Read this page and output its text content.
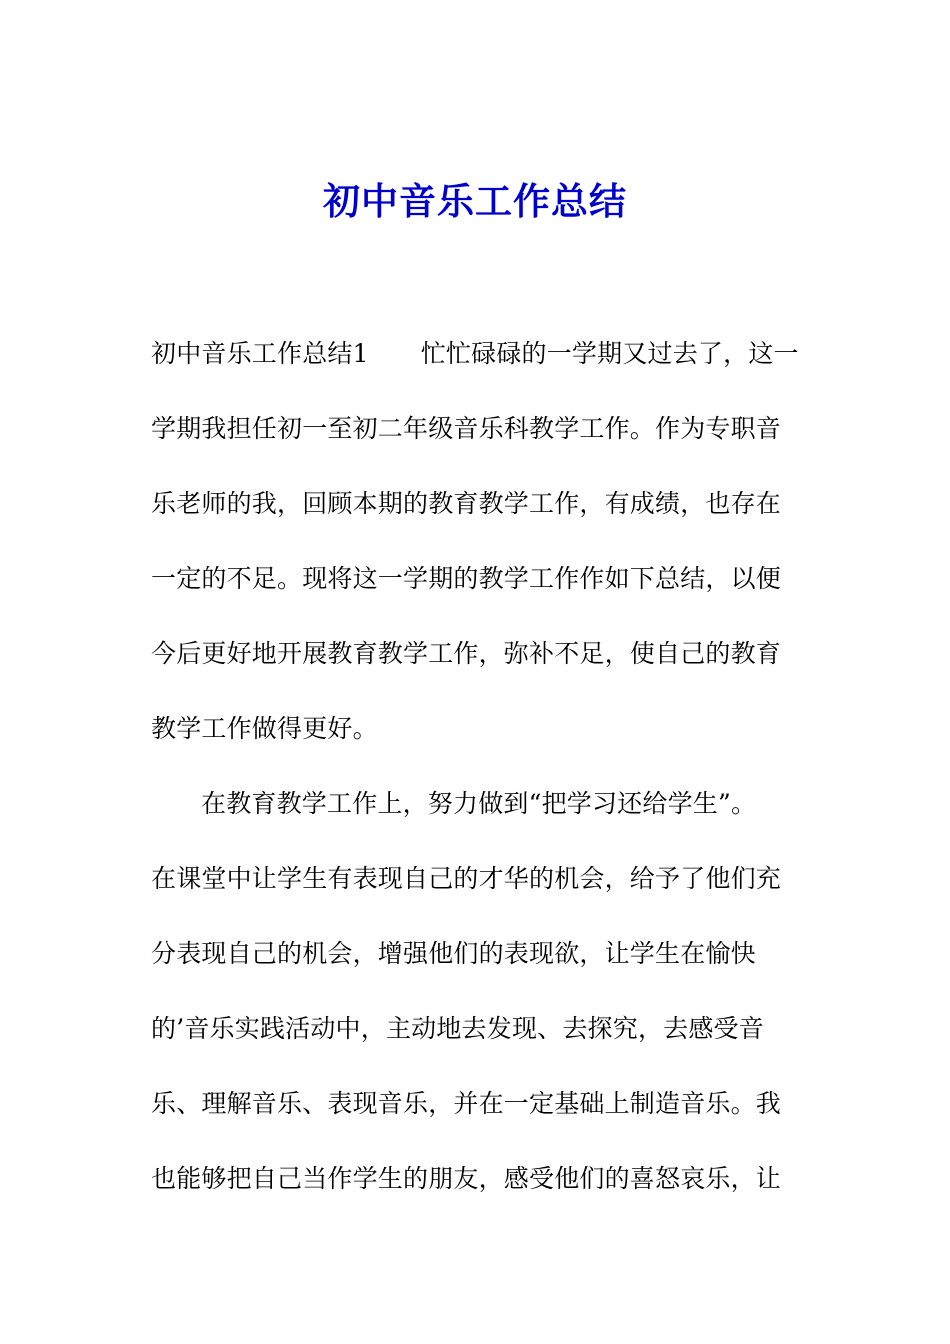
初中音乐工作总结
初中音乐工作总结1 忙忙碌碌的一学期又过去了，这一
学期我担任初一至初二年级音乐科教学工作。作为专职音
乐老师的我，回顾本期的教育教学工作，有成绩，也存在
一定的不足。现将这一学期的教学工作作如下总结，以便
今后更好地开展教育教学工作，弥补不足，使自己的教育
教学工作做得更好。
在教育教学工作上，努力做到“把学习还给学生”。
在课堂中让学生有表现自己的才华的机会，给予了他们充
分表现自己的机会，增强他们的表现欲，让学生在愉快
的’音乐实践活动中，主动地去发现、去探究，去感受音
乐、理解音乐、表现音乐，并在一定基础上制造音乐。我
也能够把自己当作学生的朋友，感受他们的喜怒哀乐，让
